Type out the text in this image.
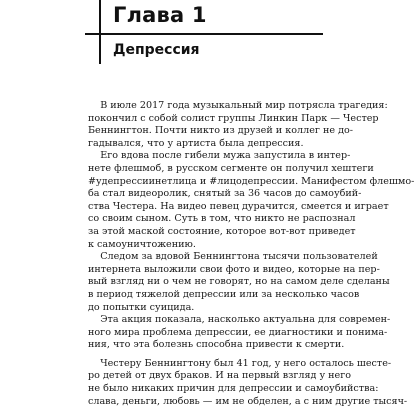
Глава 1
Депрессия

В июле 2017 года музыкальный мир потрясла трагедия:
покончил с собой солист группы Линкин Парк — Честер
Беннингтон. Почти никто из друзей и коллег не до-
гадывался, что у артиста была депрессия.
Его вдова после гибели мужа запустила в интер-
нете флешмоб, в русском сегменте он получил хештеги
#удепрессиинетлица и #лицодепрессии. Манифестом флешмо-
ба стал видеоролик, снятый за 36 часов до самоубий-
ства Честера. На видео певец дурачится, смеется и играет
со своим сыном. Суть в том, что никто не распознал
за этой маской состояние, которое вот-вот приведет
к самоуничтожению.
Следом за вдовой Беннингтона тысячи пользователей
интернета выложили свои фото и видео, которые на пер-
вый взгляд ни о чем не говорят, но на самом деле сделаны
в период тяжелой депрессии или за несколько часов
до попытки суицида.
Эта акция показала, насколько актуальна для современ-
ного мира проблема депрессии, ее диагностики и понима-
ния, что эта болезнь способна привести к смерти.

Честеру Беннингтону был 41 год, у него осталось шесте-
ро детей от двух браков. И на первый взгляд у него
не было никаких причин для депрессии и самоубийства:
слава, деньги, любовь — им не обделен, а с ним другие тысяч-
